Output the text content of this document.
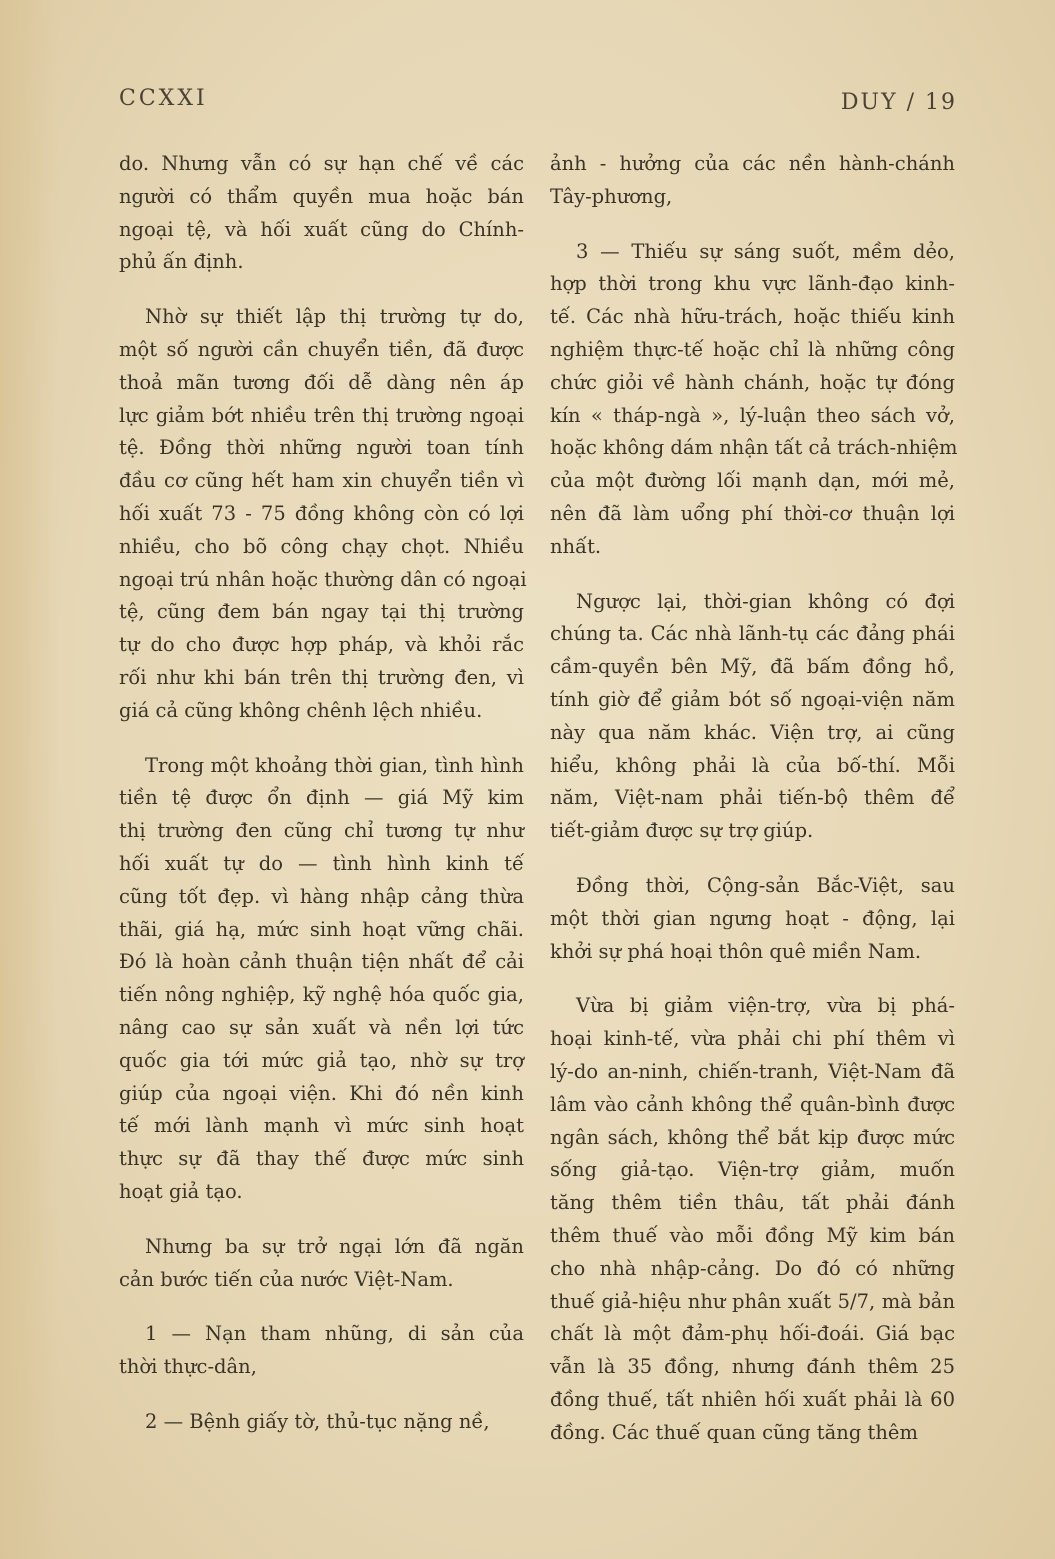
CCXXI	DUY / 19
do. Nhưng vẫn có sự hạn chế về các
người có thẩm quyền mua hoặc bán
ngoại tệ, và hối xuất cũng do Chính-
phủ ấn định.
Nhờ sự thiết lập thị trường tự do,
một số người cần chuyển tiền, đã được
thoả mãn tương đối dễ dàng nên áp
lực giảm bớt nhiều trên thị trường ngoại
tệ. Đồng thời những người toan tính
đầu cơ cũng hết ham xin chuyển tiền vì
hối xuất 73 - 75 đồng không còn có lợi
nhiều, cho bõ công chạy chọt. Nhiều
ngoại trú nhân hoặc thường dân có ngoại
tệ, cũng đem bán ngay tại thị trường
tự do cho được hợp pháp, và khỏi rắc
rối như khi bán trên thị trường đen, vì
giá cả cũng không chênh lệch nhiều.
Trong một khoảng thời gian, tình hình
tiền tệ được ổn định — giá Mỹ kim
thị trường đen cũng chỉ tương tự như
hối xuất tự do — tình hình kinh tế
cũng tốt đẹp. vì hàng nhập cảng thừa
thãi, giá hạ, mức sinh hoạt vững chãi.
Đó là hoàn cảnh thuận tiện nhất để cải
tiến nông nghiệp, kỹ nghệ hóa quốc gia,
nâng cao sự sản xuất và nền lợi tức
quốc gia tới mức giả tạo, nhờ sự trợ
giúp của ngoại viện. Khi đó nền kinh
tế mới lành mạnh vì mức sinh hoạt
thực sự đã thay thế được mức sinh
hoạt giả tạo.
Nhưng ba sự trở ngại lớn đã ngăn
cản bước tiến của nước Việt-Nam.
1 — Nạn tham nhũng, di sản của
thời thực-dân,
2 — Bệnh giấy tờ, thủ-tục nặng nề,
ảnh - hưởng của các nền hành-chánh
Tây-phương,
3 — Thiếu sự sáng suốt, mềm dẻo,
hợp thời trong khu vực lãnh-đạo kinh-
tế. Các nhà hữu-trách, hoặc thiếu kinh
nghiệm thực-tế hoặc chỉ là những công
chức giỏi về hành chánh, hoặc tự đóng
kín « tháp-ngà », lý-luận theo sách vở,
hoặc không dám nhận tất cả trách-nhiệm
của một đường lối mạnh dạn, mới mẻ,
nên đã làm uổng phí thời-cơ thuận lợi
nhất.
Ngược lại, thời-gian không có đợi
chúng ta. Các nhà lãnh-tụ các đảng phái
cầm-quyền bên Mỹ, đã bấm đồng hồ,
tính giờ để giảm bót số ngoại-viện năm
này qua năm khác. Viện trợ, ai cũng
hiểu, không phải là của bố-thí. Mỗi
năm, Việt-nam phải tiến-bộ thêm để
tiết-giảm được sự trợ giúp.
Đồng thời, Cộng-sản Bắc-Việt, sau
một thời gian ngưng hoạt - động, lại
khởi sự phá hoại thôn quê miền Nam.
Vừa bị giảm viện-trợ, vừa bị phá-
hoại kinh-tế, vừa phải chi phí thêm vì
lý-do an-ninh, chiến-tranh, Việt-Nam đã
lâm vào cảnh không thể quân-bình được
ngân sách, không thể bắt kịp được mức
sống giả-tạo. Viện-trợ giảm, muốn
tăng thêm tiền thâu, tất phải đánh
thêm thuế vào mỗi đồng Mỹ kim bán
cho nhà nhập-cảng. Do đó có những
thuế giả-hiệu như phân xuất 5/7, mà bản
chất là một đảm-phụ hối-đoái. Giá bạc
vẫn là 35 đồng, nhưng đánh thêm 25
đồng thuế, tất nhiên hối xuất phải là 60
đồng. Các thuế quan cũng tăng thêm
